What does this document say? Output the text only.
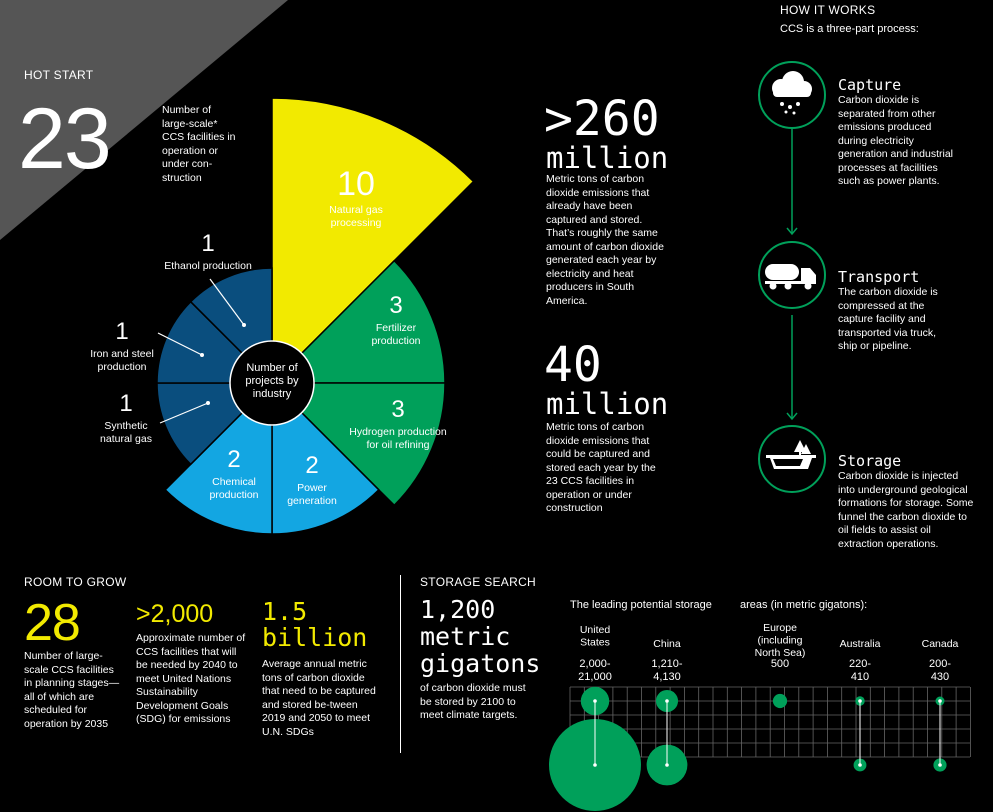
HOT START
23	Number of large-scale* CCS facilities in operation or under con-struction
Number of projects by industry
10
Natural gas processing
3
Fertilizer production
3
Hydrogen production for oil refining
2
Power generation
2
Chemical production
1
Synthetic natural gas
1
Iron and steel production
1
Ethanol production
>260
million
Metric tons of carbon dioxide emissions that already have been captured and stored. That’s roughly the same amount of carbon dioxide generated each year by electricity and heat producers in South America.
40
million
Metric tons of carbon dioxide emissions that could be captured and stored each year by the 23 CCS facilities in operation or under construction
HOW IT WORKS
CCS is a three-part process:
Capture
Carbon dioxide is separated from other emissions produced during electricity generation and industrial processes at facilities such as power plants.
Transport
The carbon dioxide is compressed at the capture facility and transported via truck, ship or pipeline.
Storage
Carbon dioxide is injected into underground geological formations for storage. Some funnel the carbon dioxide to oil fields to assist oil extraction operations.
ROOM TO GROW
28
Number of large-scale CCS facilities in planning stages—all of which are scheduled for operation by 2035
>2,000
Approximate number of CCS facilities that will be needed by 2040 to meet United Nations Sustainability Development Goals (SDG) for emissions
1.5
billion
Average annual metric tons of carbon dioxide that need to be captured and stored be-tween 2019 and 2050 to meet U.N. SDGs
STORAGE SEARCH
1,200
metric
gigatons
of carbon dioxide must be stored by 2100 to meet climate targets.
The leading potential storage	areas (in metric gigatons):
United States
2,000-21,000
China
1,210-4,130
Europe (including North Sea)
500
Australia
220-410
Canada
200-430
